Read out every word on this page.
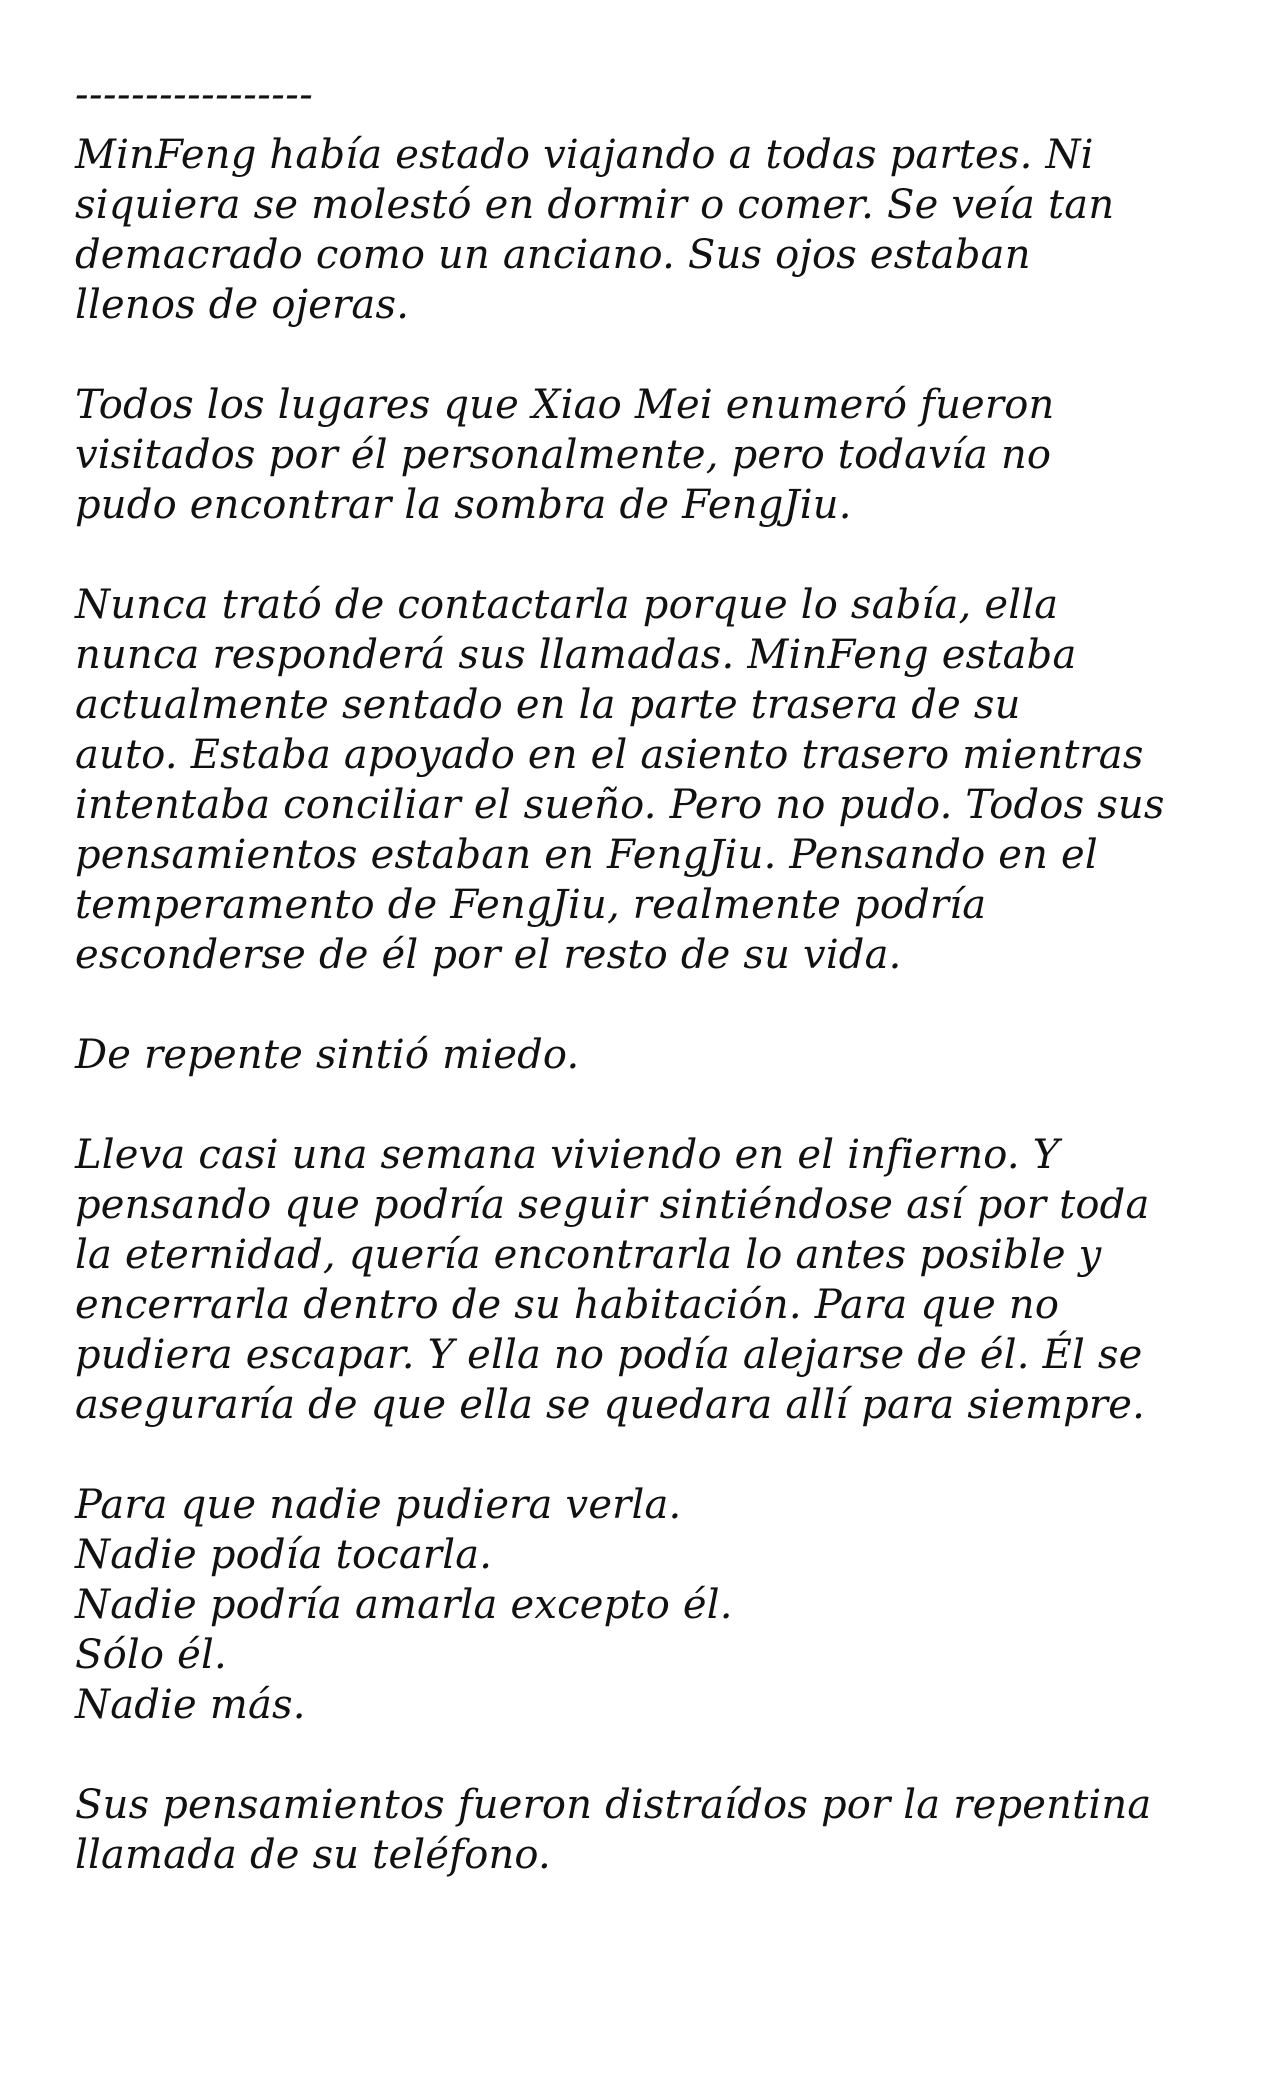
-----------------
MinFeng había estado viajando a todas partes. Ni
siquiera se molestó en dormir o comer. Se veía tan
demacrado como un anciano. Sus ojos estaban
llenos de ojeras.
Todos los lugares que Xiao Mei enumeró fueron
visitados por él personalmente, pero todavía no
pudo encontrar la sombra de FengJiu.
Nunca trató de contactarla porque lo sabía, ella
nunca responderá sus llamadas. MinFeng estaba
actualmente sentado en la parte trasera de su
auto. Estaba apoyado en el asiento trasero mientras
intentaba conciliar el sueño. Pero no pudo. Todos sus
pensamientos estaban en FengJiu. Pensando en el
temperamento de FengJiu, realmente podría
esconderse de él por el resto de su vida.
De repente sintió miedo.
Lleva casi una semana viviendo en el infierno. Y
pensando que podría seguir sintiéndose así por toda
la eternidad, quería encontrarla lo antes posible y
encerrarla dentro de su habitación. Para que no
pudiera escapar. Y ella no podía alejarse de él. Él se
aseguraría de que ella se quedara allí para siempre.
Para que nadie pudiera verla.
Nadie podía tocarla.
Nadie podría amarla excepto él.
Sólo él.
Nadie más.
Sus pensamientos fueron distraídos por la repentina
llamada de su teléfono.
